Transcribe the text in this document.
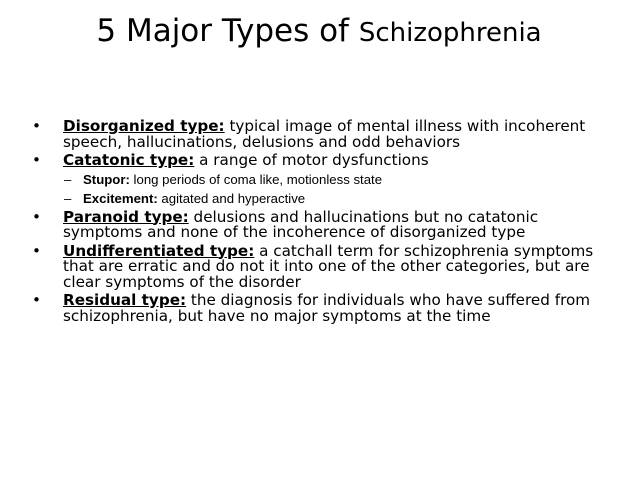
5 Major Types of Schizophrenia
• Disorganized type: typical image of mental illness with incoherent speech, hallucinations, delusions and odd behaviors
• Catatonic type: a range of motor dysfunctions
– Stupor: long periods of coma like, motionless state
– Excitement: agitated and hyperactive
• Paranoid type: delusions and hallucinations but no catatonic symptoms and none of the incoherence of disorganized type
• Undifferentiated type: a catchall term for schizophrenia symptoms that are erratic and do not it into one of the other categories, but are clear symptoms of the disorder
• Residual type: the diagnosis for individuals who have suffered from schizophrenia, but have no major symptoms at the time
